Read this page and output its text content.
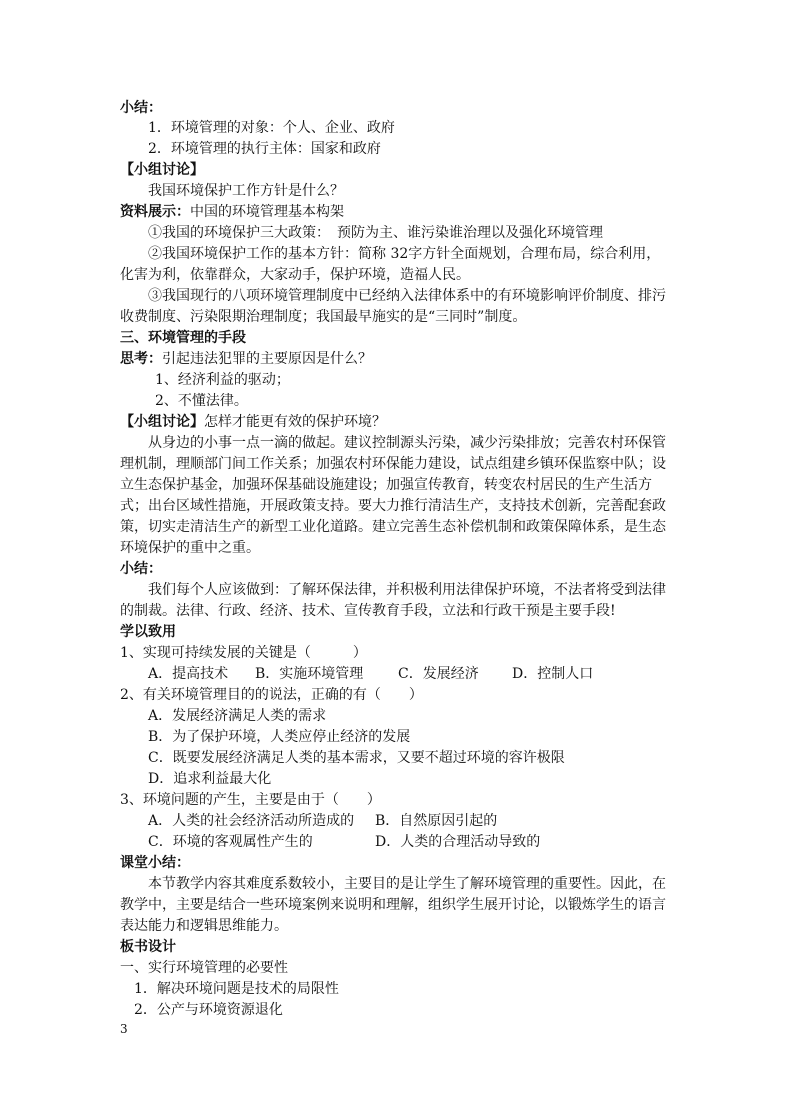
小结：
1．环境管理的对象：个人、企业、政府
2．环境管理的执行主体：国家和政府
【小组讨论】
我国环境保护工作方针是什么？
资料展示：中国的环境管理基本构架
①我国的环境保护三大政策：　预防为主、谁污染谁治理以及强化环境管理
②我国环境保护工作的基本方针：简称 32字方针全面规划，合理布局，综合利用，
化害为利，依靠群众，大家动手，保护环境，造福人民。
③我国现行的八项环境管理制度中已经纳入法律体系中的有环境影响评价制度、排污
收费制度、污染限期治理制度；我国最早施实的是“三同时”制度。
三、环境管理的手段
思考：引起违法犯罪的主要原因是什么？
1、经济利益的驱动；
2、不懂法律。
【小组讨论】怎样才能更有效的保护环境？
从身边的小事一点一滴的做起。建议控制源头污染，减少污染排放；完善农村环保管
理机制，理顺部门间工作关系；加强农村环保能力建设，试点组建乡镇环保监察中队；设
立生态保护基金，加强环保基础设施建设；加强宣传教育，转变农村居民的生产生活方
式；出台区域性措施，开展政策支持。要大力推行清洁生产，支持技术创新，完善配套政
策，切实走清洁生产的新型工业化道路。建立完善生态补偿机制和政策保障体系，是生态
环境保护的重中之重。
小结：
我们每个人应该做到：了解环保法律，并积极利用法律保护环境，不法者将受到法律
的制裁。法律、行政、经济、技术、宣传教育手段，立法和行政干预是主要手段!
学以致用
1、实现可持续发展的关键是（　　　）
A．提高技术 B．实施环境管理 C．发展经济 D．控制人口
2、有关环境管理目的的说法，正确的有（　　）
A．发展经济满足人类的需求
B．为了保护环境，人类应停止经济的发展
C．既要发展经济满足人类的基本需求，又要不超过环境的容许极限
D．追求利益最大化
3、环境问题的产生，主要是由于（　　）
A．人类的社会经济活动所造成的 B．自然原因引起的
C．环境的客观属性产生的	D．人类的合理活动导致的
课堂小结：
本节教学内容其难度系数较小，主要目的是让学生了解环境管理的重要性。因此，在
教学中，主要是结合一些环境案例来说明和理解，组织学生展开讨论，以锻炼学生的语言
表达能力和逻辑思维能力。
板书设计
一、实行环境管理的必要性
1．解决环境问题是技术的局限性
2．公产与环境资源退化
3
